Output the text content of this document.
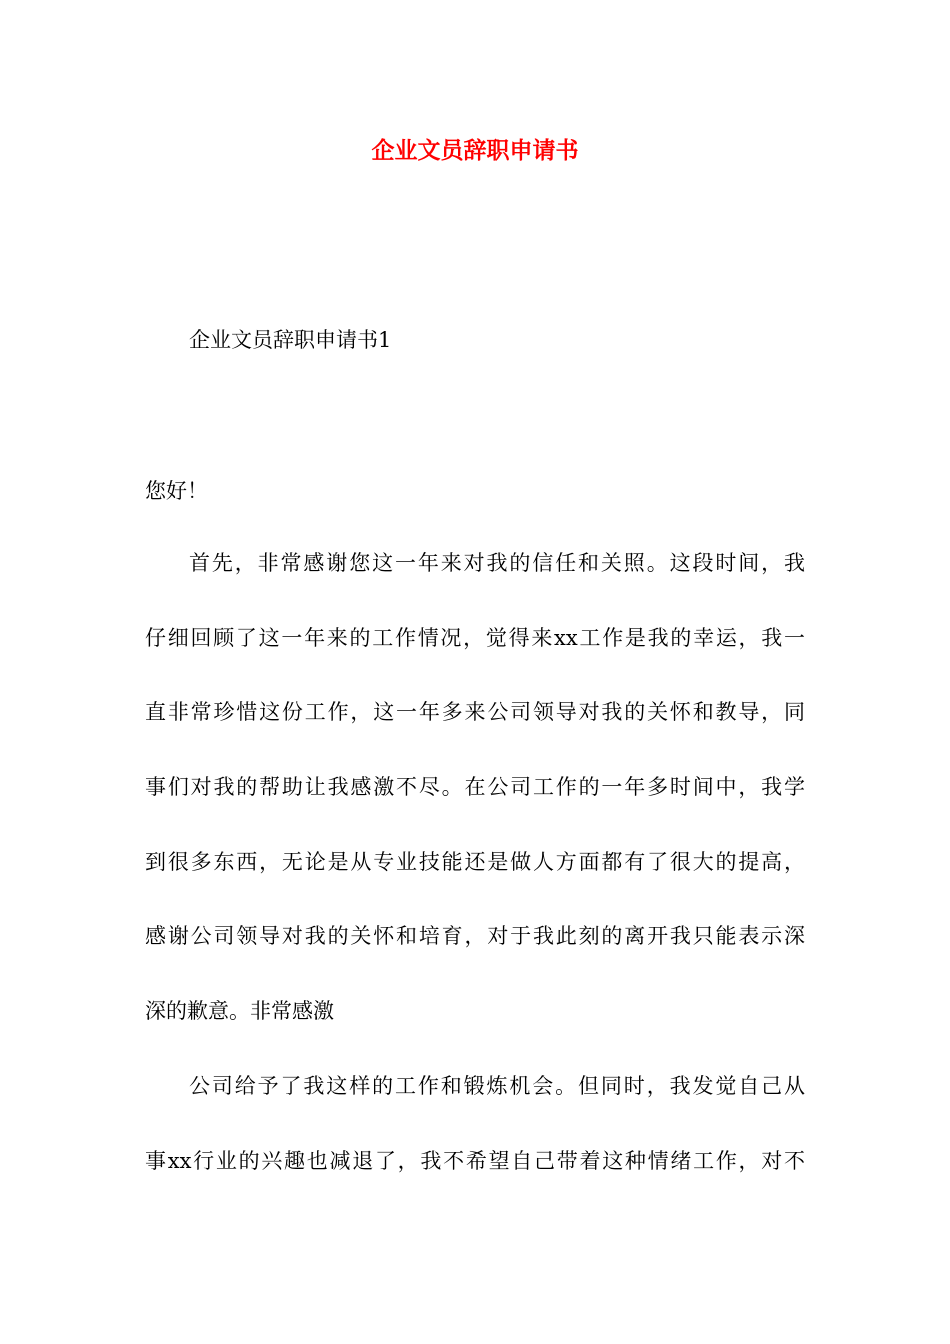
企业文员辞职申请书
企业文员辞职申请书1
您好！
首先，非常感谢您这一年来对我的信任和关照。这段时间，我
仔细回顾了这一年来的工作情况，觉得来xx工作是我的幸运，我一
直非常珍惜这份工作，这一年多来公司领导对我的关怀和教导，同
事们对我的帮助让我感激不尽。在公司工作的一年多时间中，我学
到很多东西，无论是从专业技能还是做人方面都有了很大的提高，
感谢公司领导对我的关怀和培育，对于我此刻的离开我只能表示深
深的歉意。非常感激
公司给予了我这样的工作和锻炼机会。但同时，我发觉自己从
事xx行业的兴趣也减退了，我不希望自己带着这种情绪工作，对不
